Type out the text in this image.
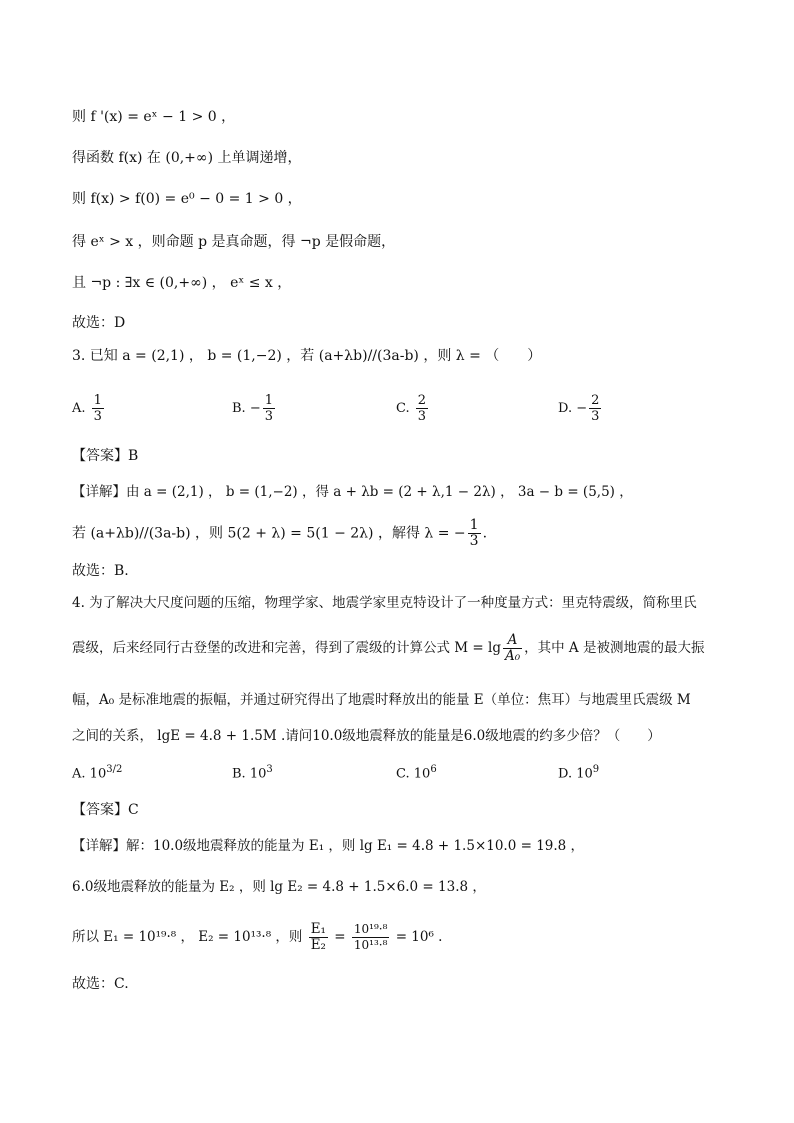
则 f '(x) = eˣ − 1 > 0 ，
得函数 f(x) 在 (0,+∞) 上单调递增，
则 f(x) > f(0) = e⁰ − 0 = 1 > 0 ，
得 eˣ > x ，则命题 p 是真命题，得 ¬p 是假命题，
且 ¬p : ∃x ∈ (0,+∞) ， eˣ ≤ x ，
故选：D
3. 已知 a = (2,1) ， b = (1,−2) ，若 (a+λb)//(3a-b) ，则 λ = （　　）
A. $\frac{1}{3}$	B. − $\frac{1}{3}$	C. $\frac{2}{3}$	D. − $\frac{2}{3}$
【答案】B
【详解】由 a = (2,1) ， b = (1,−2) ，得 a + λb = (2 + λ,1 − 2λ) ， 3a − b = (5,5) ，
若 (a+λb)//(3a-b) ，则 5(2 + λ) = 5(1 − 2λ) ，解得 λ = − $\frac{1}{3}$ .
故选：B.
4. 为了解决大尺度问题的压缩，物理学家、地震学家里克特设计了一种度量方式：里克特震级，简称里氏
震级，后来经同行古登堡的改进和完善，得到了震级的计算公式 $M = \lg \frac{A}{\text{A₀}}$ ，其中 A 是被测地震的最大振
幅，A₀ 是标准地震的振幅，并通过研究得出了地震时释放出的能量 E（单位：焦耳）与地震里氏震级 M
之间的关系， lgE = 4.8 + 1.5M .请问10.0级地震释放的能量是6.0级地震的约多少倍？（　　）
A. $10^{3/2}$	B. $10^3$	C. $10^6$	D. $10^9$
【答案】C
【详解】解：10.0级地震释放的能量为 E₁ ，则 lg E₁ = 4.8 + 1.5×10.0 = 19.8 ，
6.0级地震释放的能量为 E₂ ，则 lg E₂ = 4.8 + 1.5×6.0 = 13.8 ，
所以 E₁ = 10¹⁹·⁸ ， E₂ = 10¹³·⁸ ，则 $\frac{\text{E₁}}{\text{E₂}} = \frac{\text{10¹⁹·⁸}}{\text{10¹³·⁸}} = 10^6$ .
故选：C.
